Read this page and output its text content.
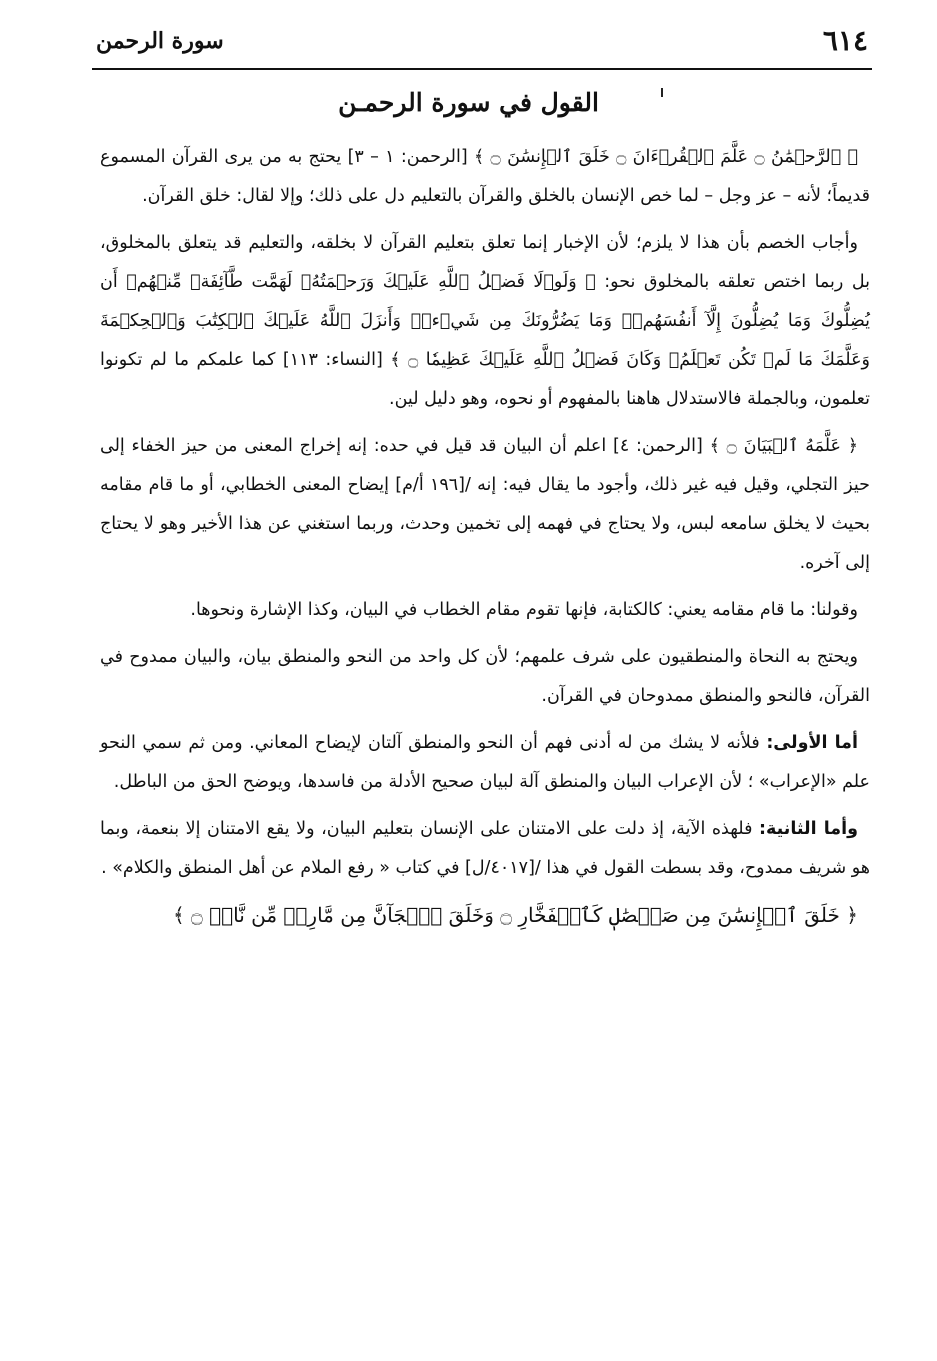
٦١٤
سورة الرحمن
القول في سورة الرحمـن

﴿ ٱلرَّحۡمَٰنُ ۝ عَلَّمَ ٱلۡقُرۡءَانَ ۝ خَلَقَ ٱلۡإِنسَٰنَ ۝ ﴾ [الرحمن: ١ – ٣] يحتج به من يرى القرآن المسموع قديماً؛ لأنه – عز وجل – لما خص الإنسان بالخلق والقرآن بالتعليم دل على ذلك؛ وإلا لقال: خلق القرآن.

وأجاب الخصم بأن هذا لا يلزم؛ لأن الإخبار إنما تعلق بتعليم القرآن لا بخلقه، والتعليم قد يتعلق بالمخلوق، بل ربما اختص تعلقه بالمخلوق نحو: ﴿ وَلَوۡلَا فَضۡلُ ٱللَّهِ عَلَيۡكَ وَرَحۡمَتُهُۥ لَهَمَّت طَّآئِفَةٞ مِّنۡهُمۡ أَن يُضِلُّوكَ وَمَا يُضِلُّونَ إِلَّآ أَنفُسَهُمۡۖ وَمَا يَضُرُّونَكَ مِن شَيۡءٖۚ وَأَنزَلَ ٱللَّهُ عَلَيۡكَ ٱلۡكِتَٰبَ وَٱلۡحِكۡمَةَ وَعَلَّمَكَ مَا لَمۡ تَكُن تَعۡلَمُۚ وَكَانَ فَضۡلُ ٱللَّهِ عَلَيۡكَ عَظِيمٗا ۝ ﴾ [النساء: ١١٣] كما علمكم ما لم تكونوا تعلمون، وبالجملة فالاستدلال هاهنا بالمفهوم أو نحوه، وهو دليل لين.

﴿ عَلَّمَهُ ٱلۡبَيَانَ ۝ ﴾ [الرحمن: ٤] اعلم أن البيان قد قيل في حده: إنه إخراج المعنى من حيز الخفاء إلى حيز التجلي، وقيل فيه غير ذلك، وأجود ما يقال فيه: إنه /[١٩٦ أ/م] إيضاح المعنى الخطابي، أو ما قام مقامه بحيث لا يخلق سامعه لبس، ولا يحتاج في فهمه إلى تخمين وحدث، وربما استغني عن هذا الأخير وهو لا يحتاج إلى آخره.

وقولنا: ما قام مقامه يعني: كالكتابة، فإنها تقوم مقام الخطاب في البيان، وكذا الإشارة ونحوها.

ويحتج به النحاة والمنطقيون على شرف علمهم؛ لأن كل واحد من النحو والمنطق بيان، والبيان ممدوح في القرآن، فالنحو والمنطق ممدوحان في القرآن.

أما الأولى: فلأنه لا يشك من له أدنى فهم أن النحو والمنطق آلتان لإيضاح المعاني. ومن ثم سمي النحو علم «الإعراب» ؛ لأن الإعراب البيان والمنطق آلة لبيان صحيح الأدلة من فاسدها، ويوضح الحق من الباطل.

وأما الثانية: فلهذه الآية، إذ دلت على الامتنان على الإنسان بتعليم البيان، ولا يقع الامتنان إلا بنعمة، وبما هو شريف ممدوح، وقد بسطت القول في هذا /[٤٠١٧/ل] في كتاب « رفع الملام عن أهل المنطق والكلام» .

﴿ خَلَقَ ٱلۡإِنسَٰنَ مِن صَلۡصَٰلٖ كَٱلۡفَخَّارِ ۝ وَخَلَقَ ٱلۡجَآنَّ مِن مَّارِجٖ مِّن نَّارٖ ۝ ﴾
